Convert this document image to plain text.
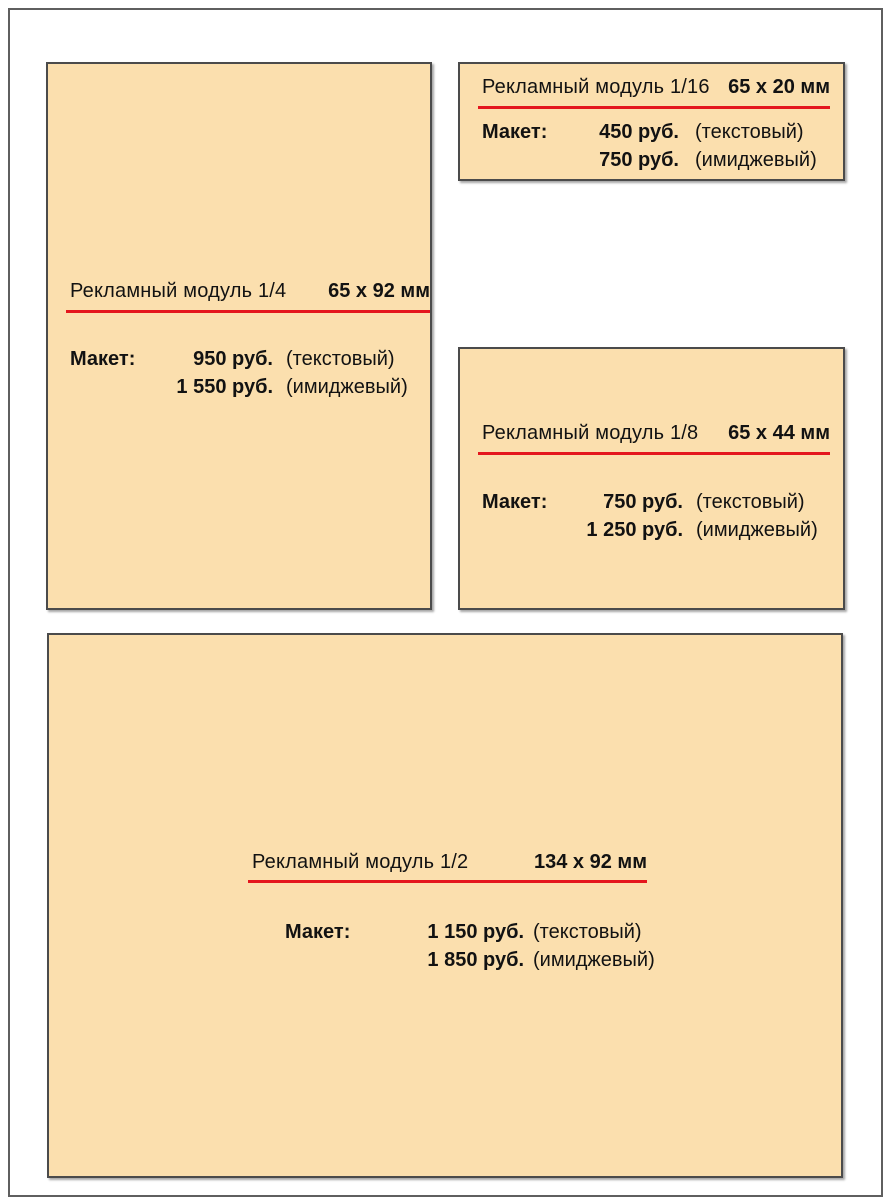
Рекламный модуль 1/4 65 x 92 мм
Макет:	950 руб. (текстовый)
1 550 руб. (имиджевый)
Рекламный модуль 1/16 65 x 20 мм
Макет:	450 руб. (текстовый)
750 руб. (имиджевый)
Рекламный модуль 1/8 65 x 44 мм
Макет:	750 руб. (текстовый)
1 250 руб. (имиджевый)
Рекламный модуль 1/2	134 x 92 мм
Макет:	1 150 руб. (текстовый)
1 850 руб. (имиджевый)
